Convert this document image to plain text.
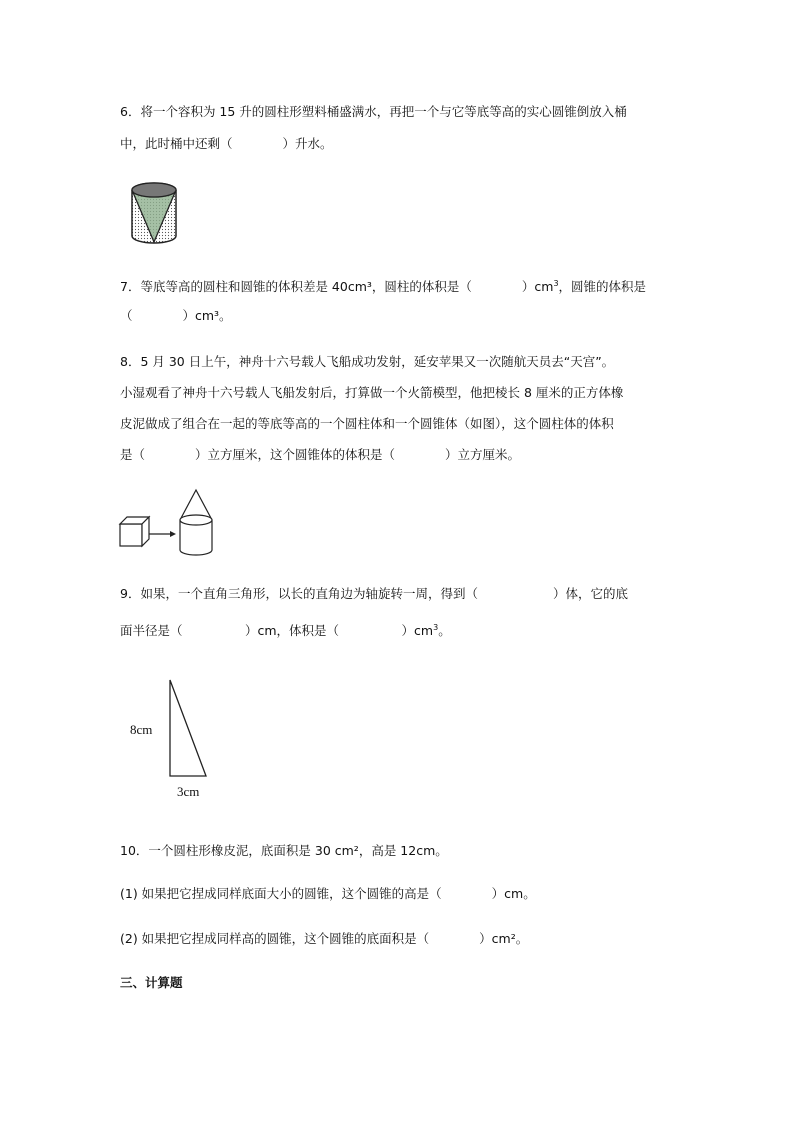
6．将一个容积为 15 升的圆柱形塑料桶盛满水，再把一个与它等底等高的实心圆锥倒放入桶
中，此时桶中还剩（　　　　）升水。
7．等底等高的圆柱和圆锥的体积差是 40cm³，圆柱的体积是（　　　　）$cm^3$，圆锥的体积是
（　　　　）cm³。
8．5 月 30 日上午，神舟十六号载人飞船成功发射，延安苹果又一次随航天员去“天宫”。
小湿观看了神舟十六号载人飞船发射后，打算做一个火箭模型，他把棱长 8 厘米的正方体橡
皮泥做成了组合在一起的等底等高的一个圆柱体和一个圆锥体（如图），这个圆柱体的体积
是（　　　　）立方厘米，这个圆锥体的体积是（　　　　）立方厘米。
9．如果，一个直角三角形，以长的直角边为轴旋转一周，得到（　　　　　　）体，它的底
面半径是（　　　　　）cm，体积是（　　　　　）$cm^3$。
8cm
3cm
10．一个圆柱形橡皮泥，底面积是 30 cm²，高是 12cm。
(1) 如果把它捏成同样底面大小的圆锥，这个圆锥的高是（　　　　）cm。
(2) 如果把它捏成同样高的圆锥，这个圆锥的底面积是（　　　　）cm²。
三、计算题
